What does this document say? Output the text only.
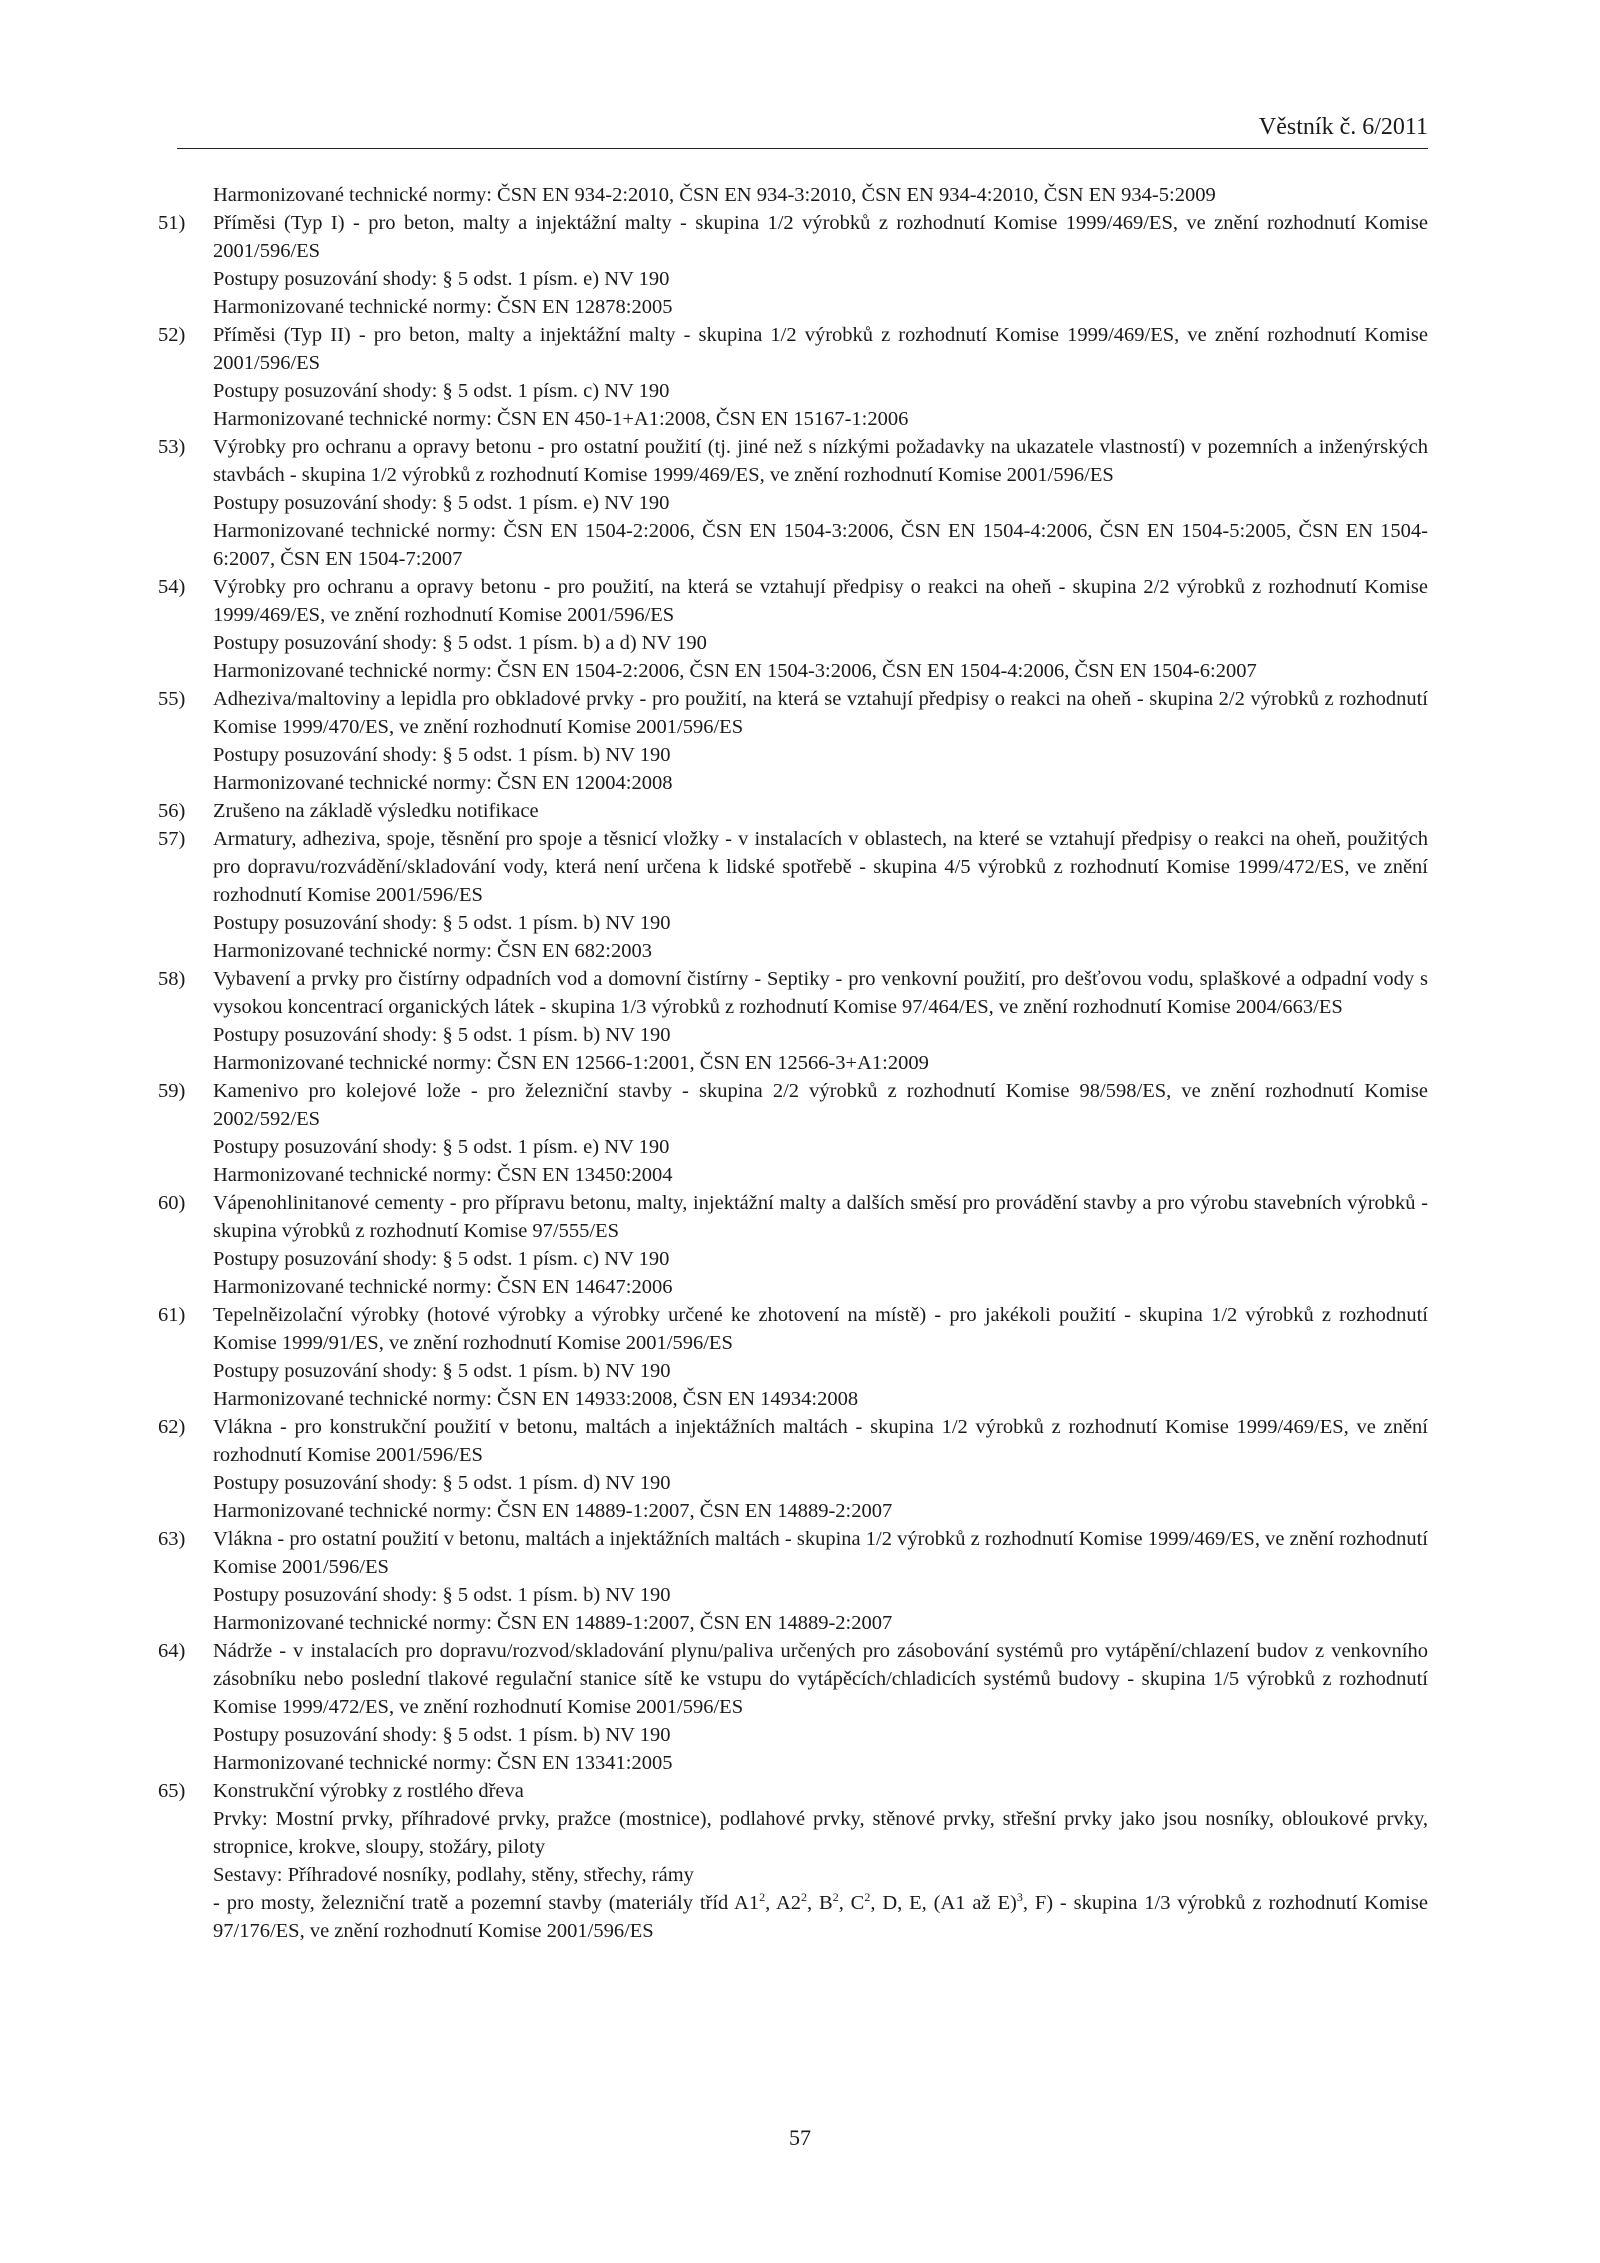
Věstník č. 6/2011
Harmonizované technické normy: ČSN EN 934-2:2010, ČSN EN 934-3:2010, ČSN EN 934-4:2010, ČSN EN 934-5:2009
51)	Příměsi (Typ I) - pro beton, malty a injektážní malty - skupina 1/2 výrobků z rozhodnutí Komise 1999/469/ES, ve znění rozhodnutí Komise 2001/596/ES
Postupy posuzování shody: § 5 odst. 1 písm. e) NV 190
Harmonizované technické normy: ČSN EN 12878:2005
52)	Příměsi (Typ II) - pro beton, malty a injektážní malty - skupina 1/2 výrobků z rozhodnutí Komise 1999/469/ES, ve znění rozhodnutí Komise 2001/596/ES
Postupy posuzování shody: § 5 odst. 1 písm. c) NV 190
Harmonizované technické normy: ČSN EN 450-1+A1:2008, ČSN EN 15167-1:2006
53)	Výrobky pro ochranu a opravy betonu - pro ostatní použití (tj. jiné než s nízkými požadavky na ukazatele vlastností) v pozemních a inženýrských stavbách - skupina 1/2 výrobků z rozhodnutí Komise 1999/469/ES, ve znění rozhodnutí Komise 2001/596/ES
Postupy posuzování shody: § 5 odst. 1 písm. e) NV 190
Harmonizované technické normy: ČSN EN 1504-2:2006, ČSN EN 1504-3:2006, ČSN EN 1504-4:2006, ČSN EN 1504-5:2005, ČSN EN 1504-6:2007, ČSN EN 1504-7:2007
54)	Výrobky pro ochranu a opravy betonu - pro použití, na která se vztahují předpisy o reakci na oheň - skupina 2/2 výrobků z rozhodnutí Komise 1999/469/ES, ve znění rozhodnutí Komise 2001/596/ES
Postupy posuzování shody: § 5 odst. 1 písm. b) a d) NV 190
Harmonizované technické normy: ČSN EN 1504-2:2006, ČSN EN 1504-3:2006, ČSN EN 1504-4:2006, ČSN EN 1504-6:2007
55)	Adheziva/maltoviny a lepidla pro obkladové prvky - pro použití, na která se vztahují předpisy o reakci na oheň - skupina 2/2 výrobků z rozhodnutí Komise 1999/470/ES, ve znění rozhodnutí Komise 2001/596/ES
Postupy posuzování shody: § 5 odst. 1 písm. b) NV 190
Harmonizované technické normy: ČSN EN 12004:2008
56)	Zrušeno na základě výsledku notifikace
57)	Armatury, adheziva, spoje, těsnění pro spoje a těsnicí vložky - v instalacích v oblastech, na které se vztahují předpisy o reakci na oheň, použitých pro dopravu/rozvádění/skladování vody, která není určena k lidské spotřebě - skupina 4/5 výrobků z rozhodnutí Komise 1999/472/ES, ve znění rozhodnutí Komise 2001/596/ES
Postupy posuzování shody: § 5 odst. 1 písm. b) NV 190
Harmonizované technické normy: ČSN EN 682:2003
58)	Vybavení a prvky pro čistírny odpadních vod a domovní čistírny - Septiky - pro venkovní použití, pro dešťovou vodu, splaškové a odpadní vody s vysokou koncentrací organických látek - skupina 1/3 výrobků z rozhodnutí Komise 97/464/ES, ve znění rozhodnutí Komise 2004/663/ES
Postupy posuzování shody: § 5 odst. 1 písm. b) NV 190
Harmonizované technické normy: ČSN EN 12566-1:2001, ČSN EN 12566-3+A1:2009
59)	Kamenivo pro kolejové lože - pro železniční stavby - skupina 2/2 výrobků z rozhodnutí Komise 98/598/ES, ve znění rozhodnutí Komise 2002/592/ES
Postupy posuzování shody: § 5 odst. 1 písm. e) NV 190
Harmonizované technické normy: ČSN EN 13450:2004
60)	Vápenohlinitanové cementy - pro přípravu betonu, malty, injektážní malty a dalších směsí pro provádění stavby a pro výrobu stavebních výrobků - skupina výrobků z rozhodnutí Komise 97/555/ES
Postupy posuzování shody: § 5 odst. 1 písm. c) NV 190
Harmonizované technické normy: ČSN EN 14647:2006
61)	Tepelněizolační výrobky (hotové výrobky a výrobky určené ke zhotovení na místě) - pro jakékoli použití - skupina 1/2 výrobků z rozhodnutí Komise 1999/91/ES, ve znění rozhodnutí Komise 2001/596/ES
Postupy posuzování shody: § 5 odst. 1 písm. b) NV 190
Harmonizované technické normy: ČSN EN 14933:2008, ČSN EN 14934:2008
62)	Vlákna - pro konstrukční použití v betonu, maltách a injektážních maltách - skupina 1/2 výrobků z rozhodnutí Komise 1999/469/ES, ve znění rozhodnutí Komise 2001/596/ES
Postupy posuzování shody: § 5 odst. 1 písm. d) NV 190
Harmonizované technické normy: ČSN EN 14889-1:2007, ČSN EN 14889-2:2007
63)	Vlákna - pro ostatní použití v betonu, maltách a injektážních maltách - skupina 1/2 výrobků z rozhodnutí Komise 1999/469/ES, ve znění rozhodnutí Komise 2001/596/ES
Postupy posuzování shody: § 5 odst. 1 písm. b) NV 190
Harmonizované technické normy: ČSN EN 14889-1:2007, ČSN EN 14889-2:2007
64)	Nádrže - v instalacích pro dopravu/rozvod/skladování plynu/paliva určených pro zásobování systémů pro vytápění/chlazení budov z venkovního zásobníku nebo poslední tlakové regulační stanice sítě ke vstupu do vytápěcích/chladicích systémů budovy - skupina 1/5 výrobků z rozhodnutí Komise 1999/472/ES, ve znění rozhodnutí Komise 2001/596/ES
Postupy posuzování shody: § 5 odst. 1 písm. b) NV 190
Harmonizované technické normy: ČSN EN 13341:2005
65)	Konstrukční výrobky z rostlého dřeva
Prvky: Mostní prvky, příhradové prvky, pražce (mostnice), podlahové prvky, stěnové prvky, střešní prvky jako jsou nosníky, obloukové prvky, stropnice, krokve, sloupy, stožáry, piloty
Sestavy: Příhradové nosníky, podlahy, stěny, střechy, rámy
- pro mosty, železniční tratě a pozemní stavby (materiály tříd $A1^2$, $A2^2$, $B^2$, $C^2$, D, E, (A1 až E)$^3$, F) - skupina 1/3 výrobků z rozhodnutí Komise 97/176/ES, ve znění rozhodnutí Komise 2001/596/ES
57
